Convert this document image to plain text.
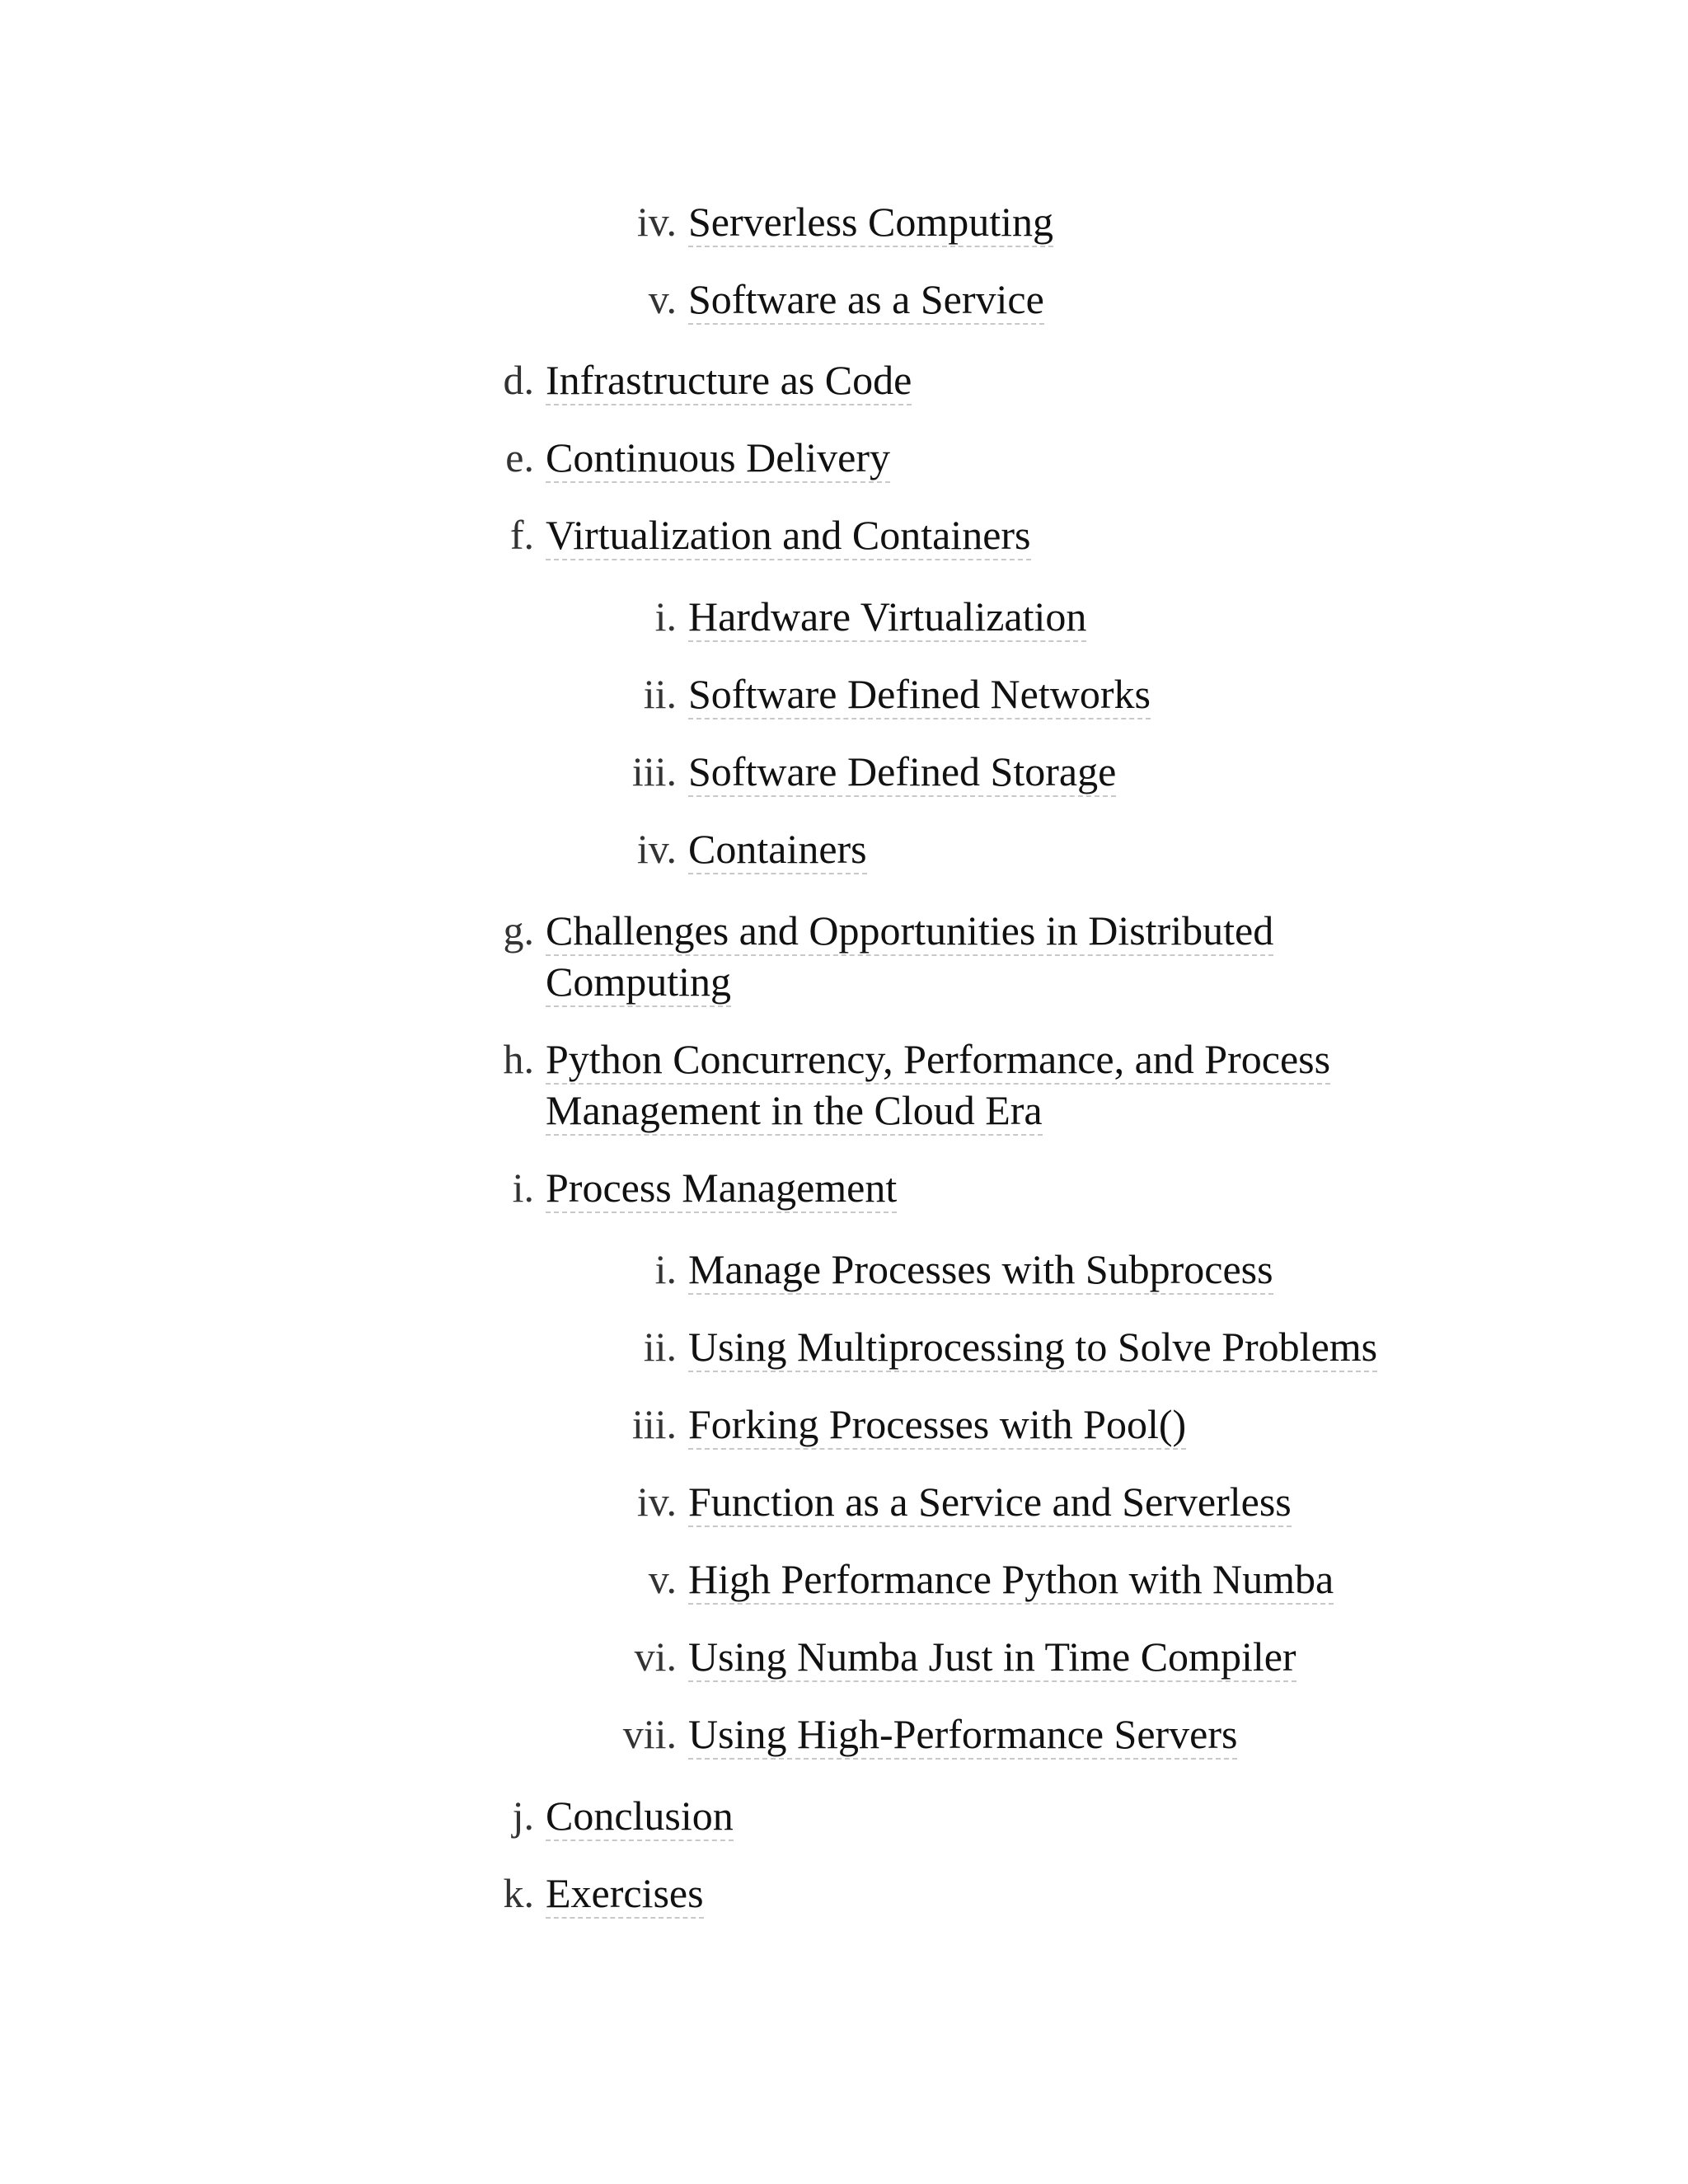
iv. Serverless Computing
v. Software as a Service
d. Infrastructure as Code
e. Continuous Delivery
f. Virtualization and Containers
i. Hardware Virtualization
ii. Software Defined Networks
iii. Software Defined Storage
iv. Containers
g. Challenges and Opportunities in Distributed
Computing
h. Python Concurrency, Performance, and Process
Management in the Cloud Era
i. Process Management
i. Manage Processes with Subprocess
ii. Using Multiprocessing to Solve Problems
iii. Forking Processes with Pool()
iv. Function as a Service and Serverless
v. High Performance Python with Numba
vi. Using Numba Just in Time Compiler
vii. Using High-Performance Servers
j. Conclusion
k. Exercises
